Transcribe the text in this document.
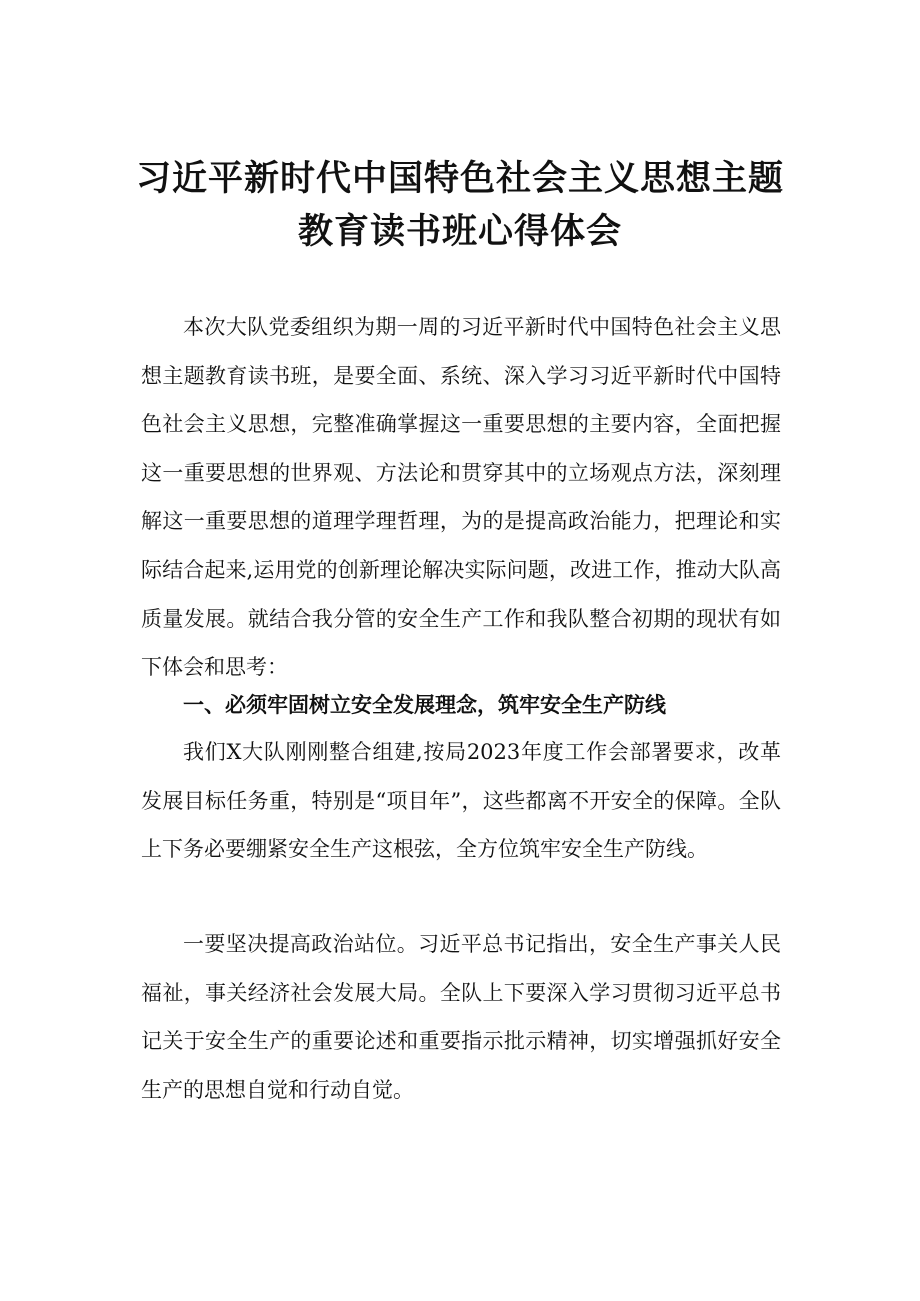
习近平新时代中国特色社会主义思想主题
教育读书班心得体会

本次大队党委组织为期一周的习近平新时代中国特色社会主义思想主题教育读书班，是要全面、系统、深入学习习近平新时代中国特色社会主义思想，完整准确掌握这一重要思想的主要内容，全面把握这一重要思想的世界观、方法论和贯穿其中的立场观点方法，深刻理解这一重要思想的道理学理哲理，为的是提高政治能力，把理论和实际结合起来,运用党的创新理论解决实际问题，改进工作，推动大队高质量发展。就结合我分管的安全生产工作和我队整合初期的现状有如下体会和思考：

一、必须牢固树立安全发展理念，筑牢安全生产防线

我们X大队刚刚整合组建,按局2023年度工作会部署要求，改革发展目标任务重，特别是“项目年”，这些都离不开安全的保障。全队上下务必要绷紧安全生产这根弦，全方位筑牢安全生产防线。

一要坚决提高政治站位。习近平总书记指出，安全生产事关人民福祉，事关经济社会发展大局。全队上下要深入学习贯彻习近平总书记关于安全生产的重要论述和重要指示批示精神，切实增强抓好安全生产的思想自觉和行动自觉。
